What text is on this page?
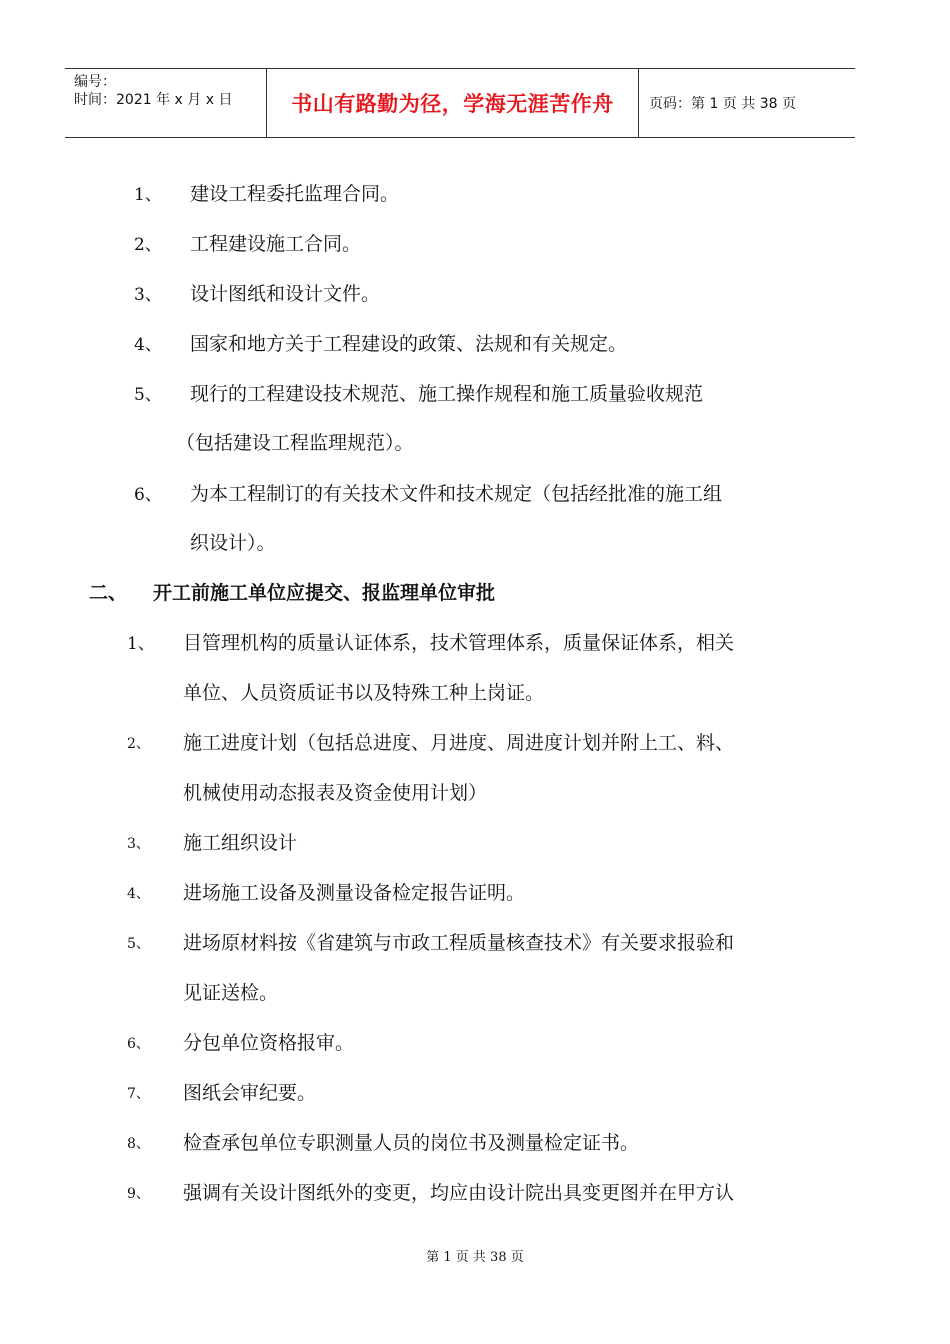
编号：
时间：2021 年 x 月 x 日	书山有路勤为径，学海无涯苦作舟	页码：第 1 页 共 38 页
1、 建设工程委托监理合同。
2、 工程建设施工合同。
3、 设计图纸和设计文件。
4、 国家和地方关于工程建设的政策、法规和有关规定。
5、 现行的工程建设技术规范、施工操作规程和施工质量验收规范
（包括建设工程监理规范）。
6、 为本工程制订的有关技术文件和技术规定（包括经批准的施工组
织设计）。
二、 开工前施工单位应提交、报监理单位审批
1、 目管理机构的质量认证体系，技术管理体系，质量保证体系，相关
单位、人员资质证书以及特殊工种上岗证。
2、 施工进度计划（包括总进度、月进度、周进度计划并附上工、料、
机械使用动态报表及资金使用计划）
3、 施工组织设计
4、 进场施工设备及测量设备检定报告证明。
5、 进场原材料按《省建筑与市政工程质量核查技术》有关要求报验和
见证送检。
6、 分包单位资格报审。
7、 图纸会审纪要。
8、 检查承包单位专职测量人员的岗位书及测量检定证书。
9、 强调有关设计图纸外的变更，均应由设计院出具变更图并在甲方认
第 1 页 共 38 页
